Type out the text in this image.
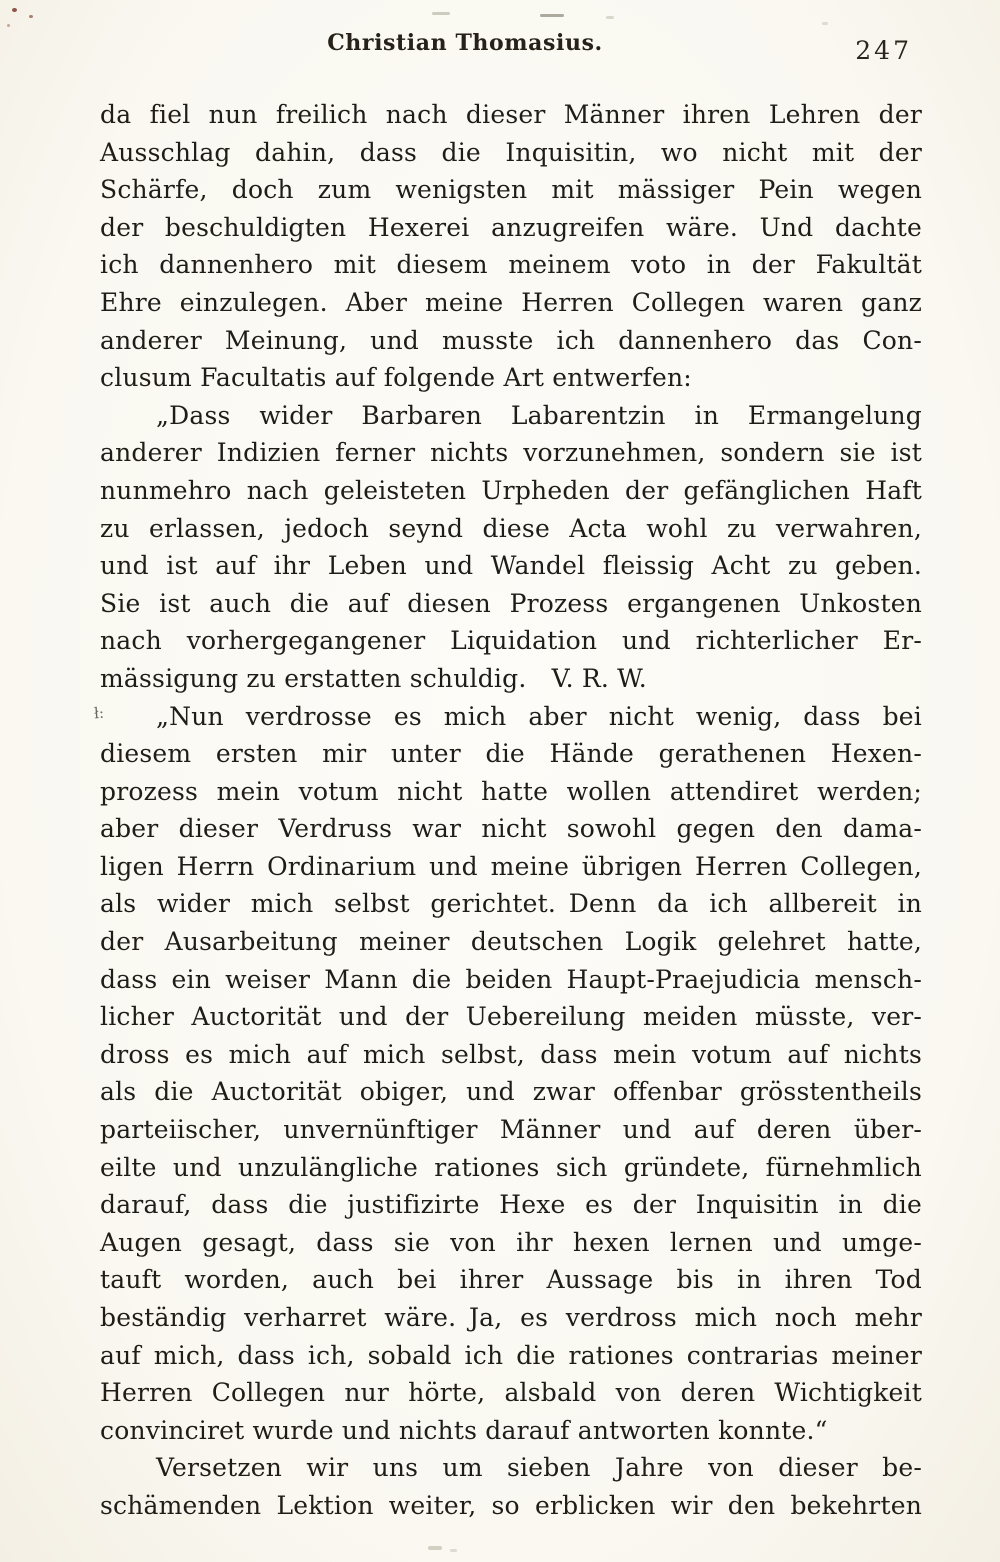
Christian Thomasius.	247
da fiel nun freilich nach dieser Männer ihren Lehren der
Ausschlag dahin, dass die Inquisitin, wo nicht mit der
Schärfe, doch zum wenigsten mit mässiger Pein wegen
der beschuldigten Hexerei anzugreifen wäre. Und dachte
ich dannenhero mit diesem meinem voto in der Fakultät
Ehre einzulegen. Aber meine Herren Collegen waren ganz
anderer Meinung, und musste ich dannenhero das Con-
clusum Facultatis auf folgende Art entwerfen:
„Dass wider Barbaren Labarentzin in Ermangelung
anderer Indizien ferner nichts vorzunehmen, sondern sie ist
nunmehro nach geleisteten Urpheden der gefänglichen Haft
zu erlassen, jedoch seynd diese Acta wohl zu verwahren,
und ist auf ihr Leben und Wandel fleissig Acht zu geben.
Sie ist auch die auf diesen Prozess ergangenen Unkosten
nach vorhergegangener Liquidation und richterlicher Er-
mässigung zu erstatten schuldig. V. R. W.
„Nun verdrosse es mich aber nicht wenig, dass bei
diesem ersten mir unter die Hände gerathenen Hexen-
prozess mein votum nicht hatte wollen attendiret werden;
aber dieser Verdruss war nicht sowohl gegen den dama-
ligen Herrn Ordinarium und meine übrigen Herren Collegen,
als wider mich selbst gerichtet. Denn da ich allbereit in
der Ausarbeitung meiner deutschen Logik gelehret hatte,
dass ein weiser Mann die beiden Haupt-Praejudicia mensch-
licher Auctorität und der Uebereilung meiden müsste, ver-
dross es mich auf mich selbst, dass mein votum auf nichts
als die Auctorität obiger, und zwar offenbar grösstentheils
parteiischer, unvernünftiger Männer und auf deren über-
eilte und unzulängliche rationes sich gründete, fürnehmlich
darauf, dass die justifizirte Hexe es der Inquisitin in die
Augen gesagt, dass sie von ihr hexen lernen und umge-
tauft worden, auch bei ihrer Aussage bis in ihren Tod
beständig verharret wäre. Ja, es verdross mich noch mehr
auf mich, dass ich, sobald ich die rationes contrarias meiner
Herren Collegen nur hörte, alsbald von deren Wichtigkeit
convinciret wurde und nichts darauf antworten konnte.“
Versetzen wir uns um sieben Jahre von dieser be-
schämenden Lektion weiter, so erblicken wir den bekehrten
ł:
